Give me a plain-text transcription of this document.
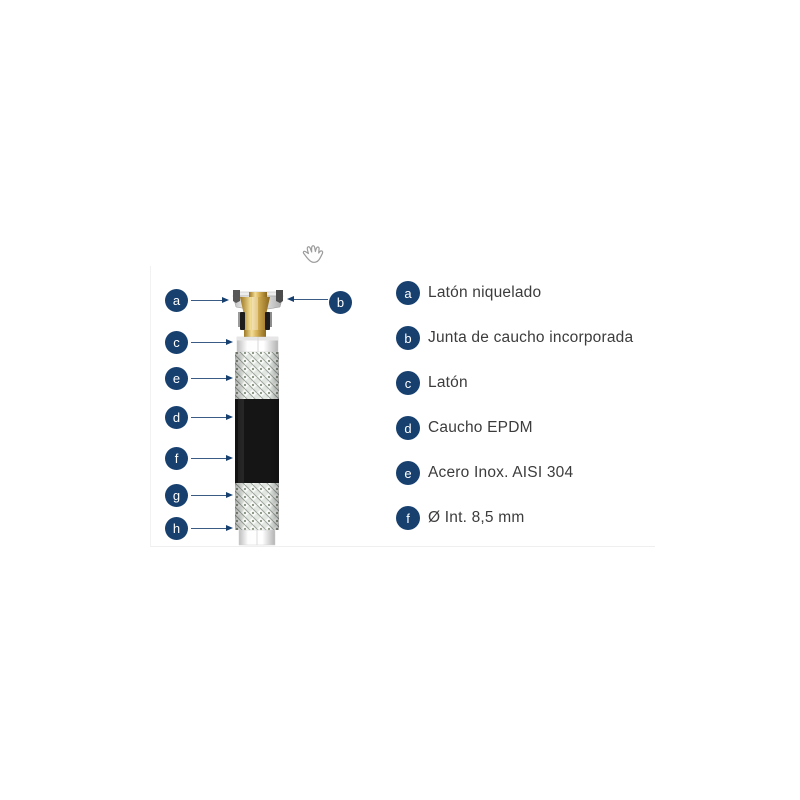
a
c
e
d
f
g
h
b
a Latón niquelado
b Junta de caucho incorporada
c Latón
d Caucho EPDM
e Acero Inox. AISI 304
f Ø Int. 8,5 mm
